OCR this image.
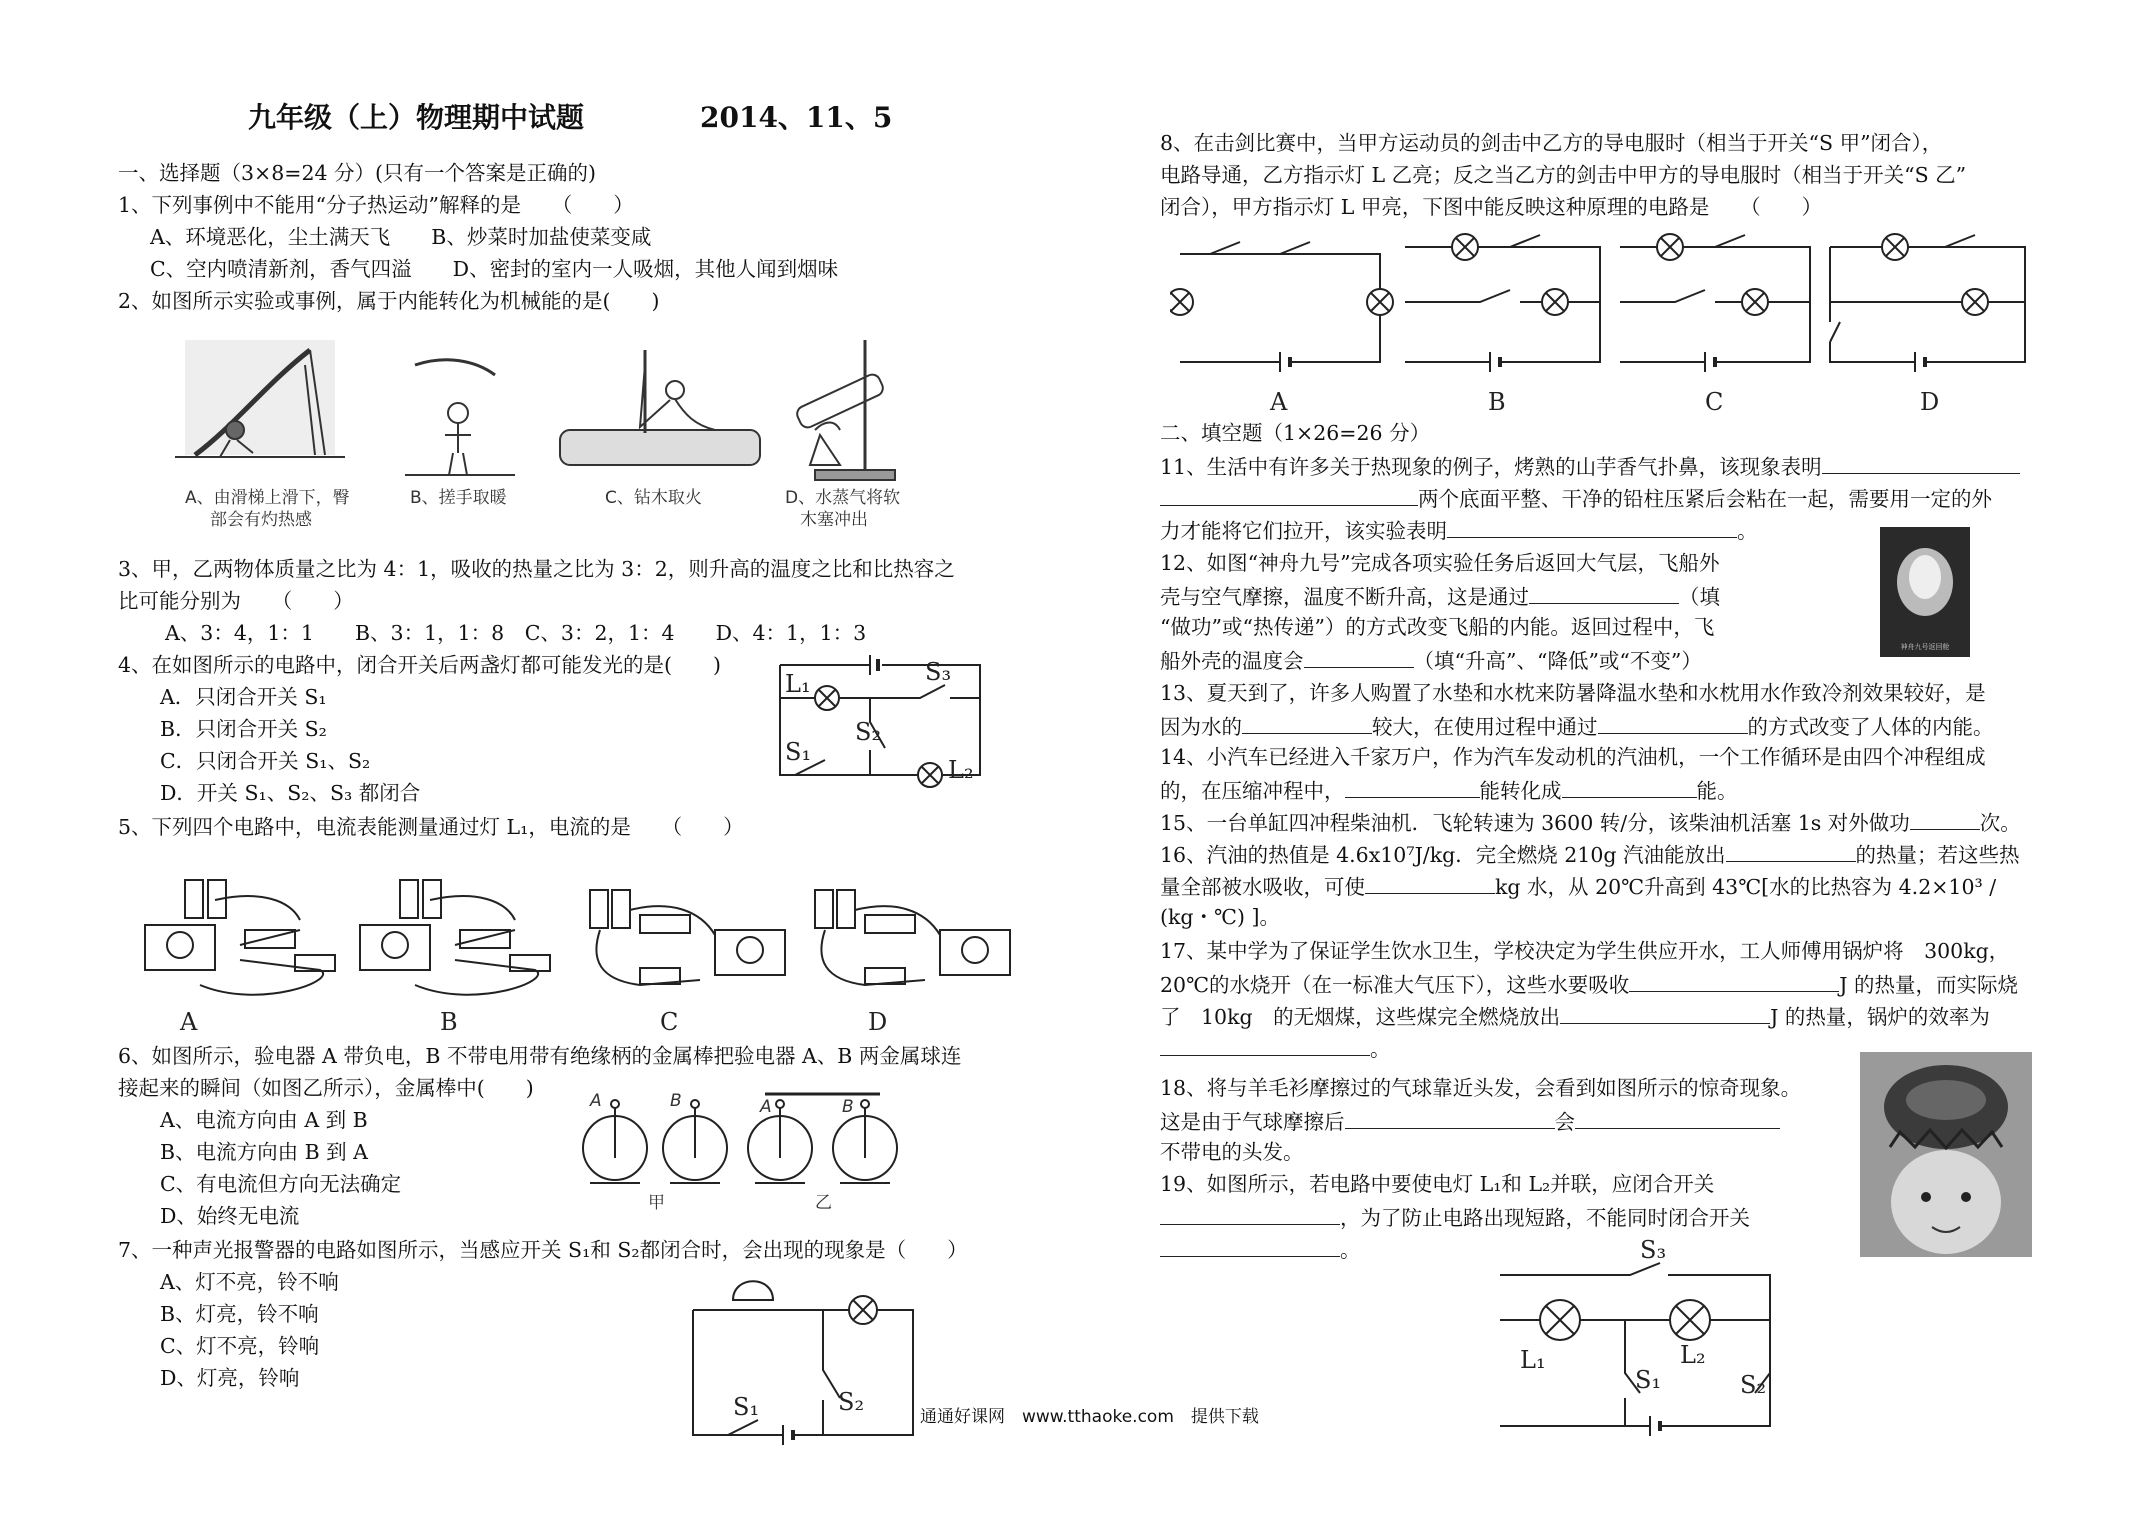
九年级（上）物理期中试题	2014、11、5
一、选择题（3×8=24 分）(只有一个答案是正确的)
1、下列事例中不能用“分子热运动”解释的是　　（　　）
A、环境恶化，尘土满天飞　　B、炒菜时加盐使菜变咸
C、空内喷清新剂，香气四溢　　D、密封的室内一人吸烟，其他人闻到烟味
2、如图所示实验或事例，属于内能转化为机械能的是(　　)
A、由滑梯上滑下，臀
部会有灼热感
B、搓手取暖	C、钻木取火	D、水蒸气将软
木塞冲出
3、甲，乙两物体质量之比为 4：1，吸收的热量之比为 3：2，则升高的温度之比和比热容之
比可能分别为　　（　　）
A、3：4，1：1　　B、3：1，1：8　C、3：2，1：4　　D、4：1，1：3
4、在如图所示的电路中，闭合开关后两盏灯都可能发光的是(　　)
A．只闭合开关 S₁
B．只闭合开关 S₂
C．只闭合开关 S₁、S₂
D．开关 S₁、S₂、S₃ 都闭合
L₁	S₃
S₂
S₁
L₂
5、下列四个电路中，电流表能测量通过灯 L₁，电流的是　　（　　）
A	B	C	D
6、如图所示，验电器 A 带负电，B 不带电用带有绝缘柄的金属棒把验电器 A、B 两金属球连
接起来的瞬间（如图乙所示），金属棒中(　　)
A、电流方向由 A 到 B
B、电流方向由 B 到 A
C、有电流但方向无法确定
D、始终无电流
A	B	A	B
甲	乙
7、一种声光报警器的电路如图所示，当感应开关 S₁和 S₂都闭合时，会出现的现象是（　　）
A、灯不亮，铃不响
B、灯亮，铃不响
C、灯不亮，铃响
D、灯亮，铃响
S₁	S₂
8、在击剑比赛中，当甲方运动员的剑击中乙方的导电服时（相当于开关“S 甲”闭合），
电路导通，乙方指示灯 L 乙亮；反之当乙方的剑击中甲方的导电服时（相当于开关“S 乙”
闭合），甲方指示灯 L 甲亮，下图中能反映这种原理的电路是　　（　　）
A	B	C	D
二、填空题（1×26=26 分）
11、生活中有许多关于热现象的例子，烤熟的山芋香气扑鼻，该现象表明
两个底面平整、干净的铅柱压紧后会粘在一起，需要用一定的外
力才能将它们拉开，该实验表明	。
12、如图“神舟九号”完成各项实验任务后返回大气层，飞船外
壳与空气摩擦，温度不断升高，这是通过	（填
“做功”或“热传递”）的方式改变飞船的内能。返回过程中，飞
船外壳的温度会	（填“升高”、“降低”或“不变”）
神舟九号返回舱
13、夏天到了，许多人购置了水垫和水枕来防暑降温水垫和水枕用水作致冷剂效果较好，是
因为水的	较大，在使用过程中通过	的方式改变了人体的内能。
14、小汽车已经进入千家万户，作为汽车发动机的汽油机，一个工作循环是由四个冲程组成
的，在压缩冲程中，	能转化成	能。
15、一台单缸四冲程柴油机．飞轮转速为 3600 转/分，该柴油机活塞 1s 对外做功	次。
16、汽油的热值是 4.6x10⁷J/kg．完全燃烧 210g 汽油能放出	的热量；若这些热
量全部被水吸收，可使	kg 水，从 20℃升高到 43℃[水的比热容为 4.2×10³ /
(kg・℃) ]。
17、某中学为了保证学生饮水卫生，学校决定为学生供应开水，工人师傅用锅炉将　300kg，
20℃的水烧开（在一标准大气压下），这些水要吸收	J 的热量，而实际烧
了　10kg　的无烟煤，这些煤完全燃烧放出	J 的热量，锅炉的效率为
。
18、将与羊毛衫摩擦过的气球靠近头发，会看到如图所示的惊奇现象。
这是由于气球摩擦后	会
不带电的头发。
19、如图所示，若电路中要使电灯 L₁和 L₂并联，应闭合开关
，为了防止电路出现短路，不能同时闭合开关
。	S₃
L₁	L₂
S₁	S₂
通通好课网　www.tthaoke.com　提供下载
